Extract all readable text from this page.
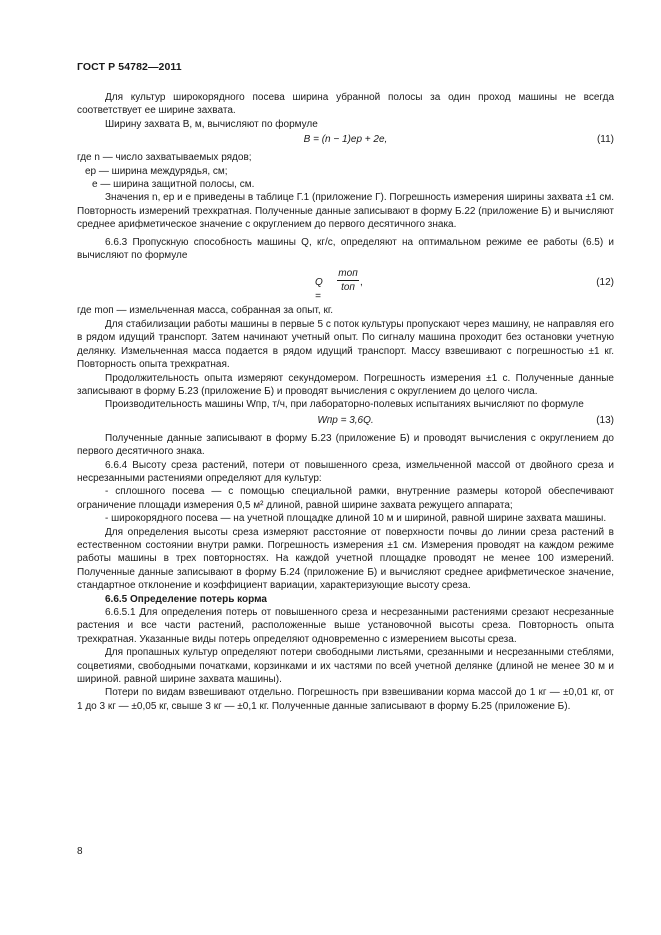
ГОСТ Р 54782—2011

Для культур широкорядного посева ширина убранной полосы за один проход машины не всегда соответствует ее ширине захвата.

Ширину захвата В, м, вычисляют по формуле

B = (n − 1)eр + 2e,	(11)

где n — число захватываемых рядов;

eр — ширина междурядья, см;

e — ширина защитной полосы, см.

Значения n, eр и e приведены в таблице Г.1 (приложение Г). Погрешность измерения ширины захвата ±1 см. Повторность измерений трехкратная. Полученные данные записывают в форму Б.22 (приложение Б) и вычисляют среднее арифметическое значение с округлением до первого десятичного знака.

6.6.3 Пропускную способность машины Q, кг/с, определяют на оптимальном режиме ее работы (6.5) и вычисляют по формуле

Q =
mоп
tоп ,	(12)

где mоп — измельченная масса, собранная за опыт, кг.

Для стабилизации работы машины в первые 5 с поток культуры пропускают через машину, не направляя его в рядом идущий транспорт. Затем начинают учетный опыт. По сигналу машина проходит без остановки учетную делянку. Измельченная масса подается в рядом идущий транспорт. Массу взвешивают с погрешностью ±1 кг. Повторность опыта трехкратная.

Продолжительность опыта измеряют секундомером. Погрешность измерения ±1 с. Полученные данные записывают в форму Б.23 (приложение Б) и проводят вычисления с округлением до целого числа.

Производительность машины Wпр, т/ч, при лабораторно-полевых испытаниях вычисляют по формуле

Wпр = 3,6Q.	(13)

Полученные данные записывают в форму Б.23 (приложение Б) и проводят вычисления с округлением до первого десятичного знака.

6.6.4 Высоту среза растений, потери от повышенного среза, измельченной массой от двойного среза и несрезанными растениями определяют для культур:

- сплошного посева — с помощью специальной рамки, внутренние размеры которой обеспечивают ограничение площади измерения 0,5 м² длиной, равной ширине захвата режущего аппарата;

- широкорядного посева — на учетной площадке длиной 10 м и шириной, равной ширине захвата машины.

Для определения высоты среза измеряют расстояние от поверхности почвы до линии среза растений в естественном состоянии внутри рамки. Погрешность измерения ±1 см. Измерения проводят на каждом режиме работы машины в трех повторностях. На каждой учетной площадке проводят не менее 100 измерений. Полученные данные записывают в форму Б.24 (приложение Б) и вычисляют среднее арифметическое значение, стандартное отклонение и коэффициент вариации, характеризующие высоту среза.

6.6.5 Определение потерь корма

6.6.5.1 Для определения потерь от повышенного среза и несрезанными растениями срезают несрезанные растения и все части растений, расположенные выше установочной высоты среза. Повторность опыта трехкратная. Указанные виды потерь определяют одновременно с измерением высоты среза.

Для пропашных культур определяют потери свободными листьями, срезанными и несрезанными стеблями, соцветиями, свободными початками, корзинками и их частями по всей учетной делянке (длиной не менее 30 м и шириной. равной ширине захвата машины).

Потери по видам взвешивают отдельно. Погрешность при взвешивании корма массой до 1 кг — ±0,01 кг, от 1 до 3 кг — ±0,05 кг, свыше 3 кг — ±0,1 кг. Полученные данные записывают в форму Б.25 (приложение Б).

8
